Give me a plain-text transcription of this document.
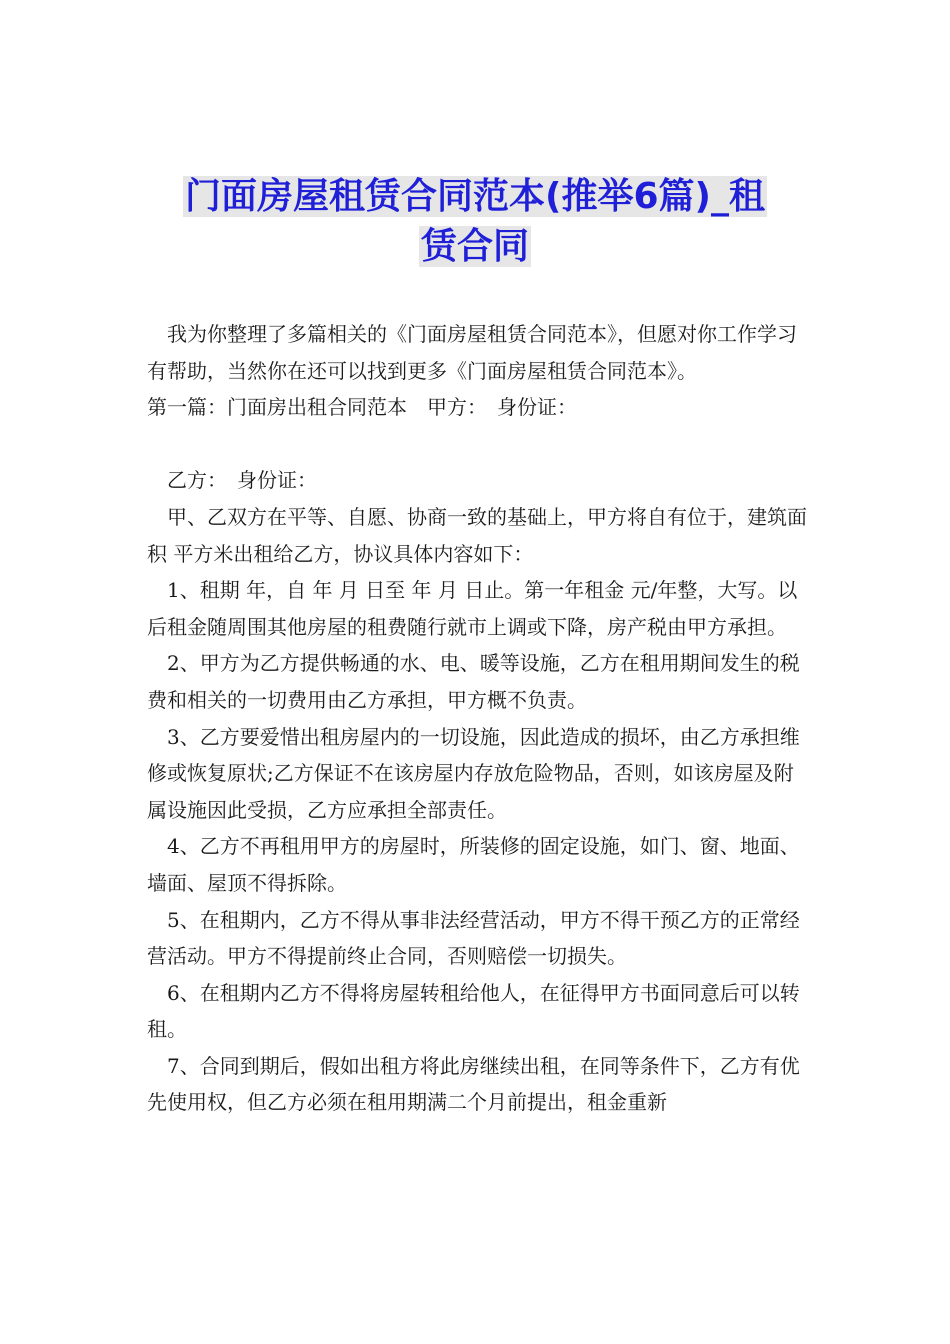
门面房屋租赁合同范本(推举6篇)_租
赁合同

我为你整理了多篇相关的《门面房屋租赁合同范本》，但愿对你工作学习有帮助，当然你在还可以找到更多《门面房屋租赁合同范本》。

第一篇：门面房出租合同范本　甲方：　身份证：

乙方：　身份证：

甲、乙双方在平等、自愿、协商一致的基础上，甲方将自有位于，建筑面积 平方米出租给乙方，协议具体内容如下：

1、租期 年，自 年 月 日至 年 月 日止。第一年租金 元/年整，大写。以后租金随周围其他房屋的租费随行就市上调或下降，房产税由甲方承担。

2、甲方为乙方提供畅通的水、电、暖等设施，乙方在租用期间发生的税费和相关的一切费用由乙方承担，甲方概不负责。

3、乙方要爱惜出租房屋内的一切设施，因此造成的损坏，由乙方承担维修或恢复原状;乙方保证不在该房屋内存放危险物品，否则，如该房屋及附属设施因此受损，乙方应承担全部责任。

4、乙方不再租用甲方的房屋时，所装修的固定设施，如门、窗、地面、墙面、屋顶不得拆除。

5、在租期内，乙方不得从事非法经营活动，甲方不得干预乙方的正常经营活动。甲方不得提前终止合同，否则赔偿一切损失。

6、在租期内乙方不得将房屋转租给他人，在征得甲方书面同意后可以转租。

7、合同到期后，假如出租方将此房继续出租，在同等条件下，乙方有优先使用权，但乙方必须在租用期满二个月前提出，租金重新
